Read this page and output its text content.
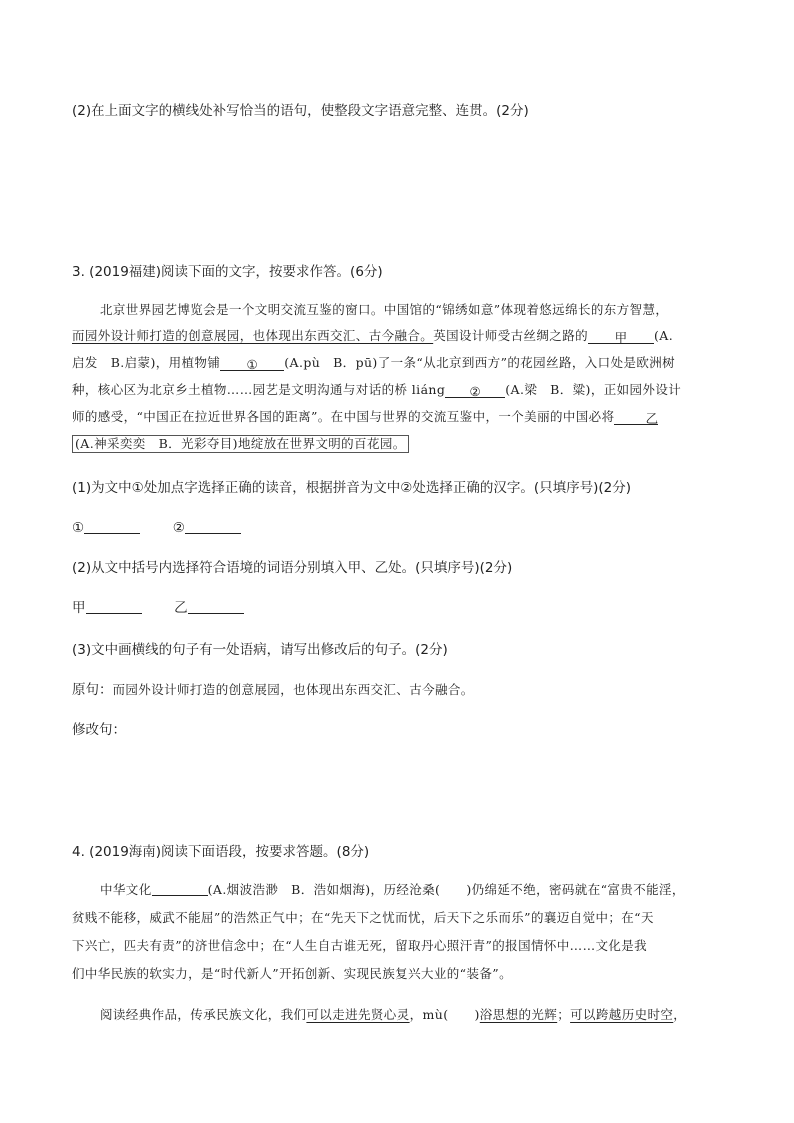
(2)在上面文字的横线处补写恰当的语句，使整段文字语意完整、连贯。(2分)
3. (2019福建)阅读下面的文字，按要求作答。(6分)
北京世界园艺博览会是一个文明交流互鉴的窗口。中国馆的“锦绣如意”体现着悠远绵长的东方智慧，
而园外设计师打造的创意展园，也体现出东西交汇、古今融合。英国设计师受古丝绸之路的 甲 (A.
启发　B.启蒙)，用植物铺 ① (A.pù　B．pū)了一条“从北京到西方”的花园丝路，入口处是欧洲树
种，核心区为北京乡土植物……园艺是文明沟通与对话的桥 liáng ② (A.梁　B．粱)，正如园外设计
师的感受，“中国正在拉近世界各国的距离”。在中国与世界的交流互鉴中，一个美丽的中国必将 乙
(A.神采奕奕　B．光彩夺目)地绽放在世界文明的百花园。
(1)为文中①处加点字选择正确的读音，根据拼音为文中②处选择正确的汉字。(只填序号)(2分)
①	②
(2)从文中括号内选择符合语境的词语分别填入甲、乙处。(只填序号)(2分)
甲	乙
(3)文中画横线的句子有一处语病，请写出修改后的句子。(2分)
原句：而园外设计师打造的创意展园，也体现出东西交汇、古今融合。
修改句：
4. (2019海南)阅读下面语段，按要求答题。(8分)
中华文化	(A.烟波浩渺　B．浩如烟海)，历经沧桑( )仍绵延不绝，密码就在“富贵不能淫，
贫贱不能移，威武不能屈”的浩然正气中；在“先天下之忧而忧，后天下之乐而乐”的襄迈自觉中；在“天
下兴亡，匹夫有责”的济世信念中；在“人生自古谁无死，留取丹心照汗青”的报国情怀中……文化是我
们中华民族的软实力，是“时代新人”开拓创新、实现民族复兴大业的“装备”。
阅读经典作品，传承民族文化，我们可以走进先贤心灵，mù( )浴思想的光辉；可以跨越历史时空，
